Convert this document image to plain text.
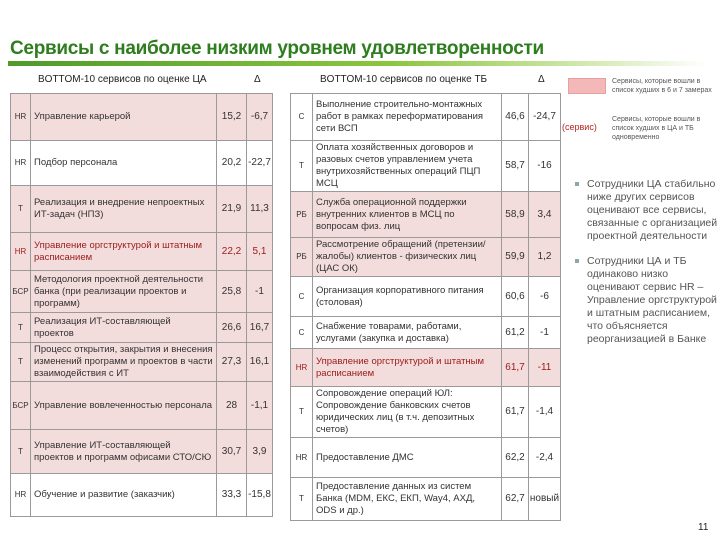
Сервисы с наиболее низким уровнем удовлетворенности
BOTTOM-10 сервисов по оценке ЦА	Δ	BOTTOM-10 сервисов по оценке ТБ	Δ
HR	Управление карьерой	15,2	-6,7
HR	Подбор персонала	20,2	-22,7
T	Реализация и внедрение непроектных ИТ-задач (НПЗ)	21,9	11,3
HR	Управление оргструктурой и штатным расписанием	22,2	5,1
БСР	Методология проектной деятельности банка (при реализации проектов и программ)	25,8	-1
T	Реализация ИТ-составляющей проектов	26,6	16,7
T	Процесс открытия, закрытия и внесения изменений программ и проектов в части взаимодействия с ИТ	27,3	16,1
БСР	Управление вовлеченностью персонала	28	-1,1
T	Управление ИТ-составляющей проектов и программ офисами СТО/СЮ	30,7	3,9
HR	Обучение и развитие (заказчик)	33,3	-15,8
C	Выполнение строительно-монтажных работ в рамках переформатирования сети ВСП	46,6	-24,7
T	Оплата хозяйственных договоров и разовых счетов управлением учета внутрихозяйственных операций ПЦП МСЦ	58,7	-16
РБ	Служба операционной поддержки внутренних клиентов в МСЦ по вопросам физ. лиц	58,9	3,4
РБ	Рассмотрение обращений (претензии/жалобы) клиентов - физических лиц (ЦАС ОК)	59,9	1,2
C	Организация корпоративного питания (столовая)	60,6	-6
C	Снабжение товарами, работами, услугами (закупка и доставка)	61,2	-1
HR	Управление оргструктурой и штатным расписанием	61,7	-11
T	Сопровождение операций ЮЛ: Сопровождение банковских счетов юридических лиц (в т.ч. депозитных счетов)	61,7	-1,4
HR	Предоставление ДМС	62,2	-2,4
T	Предоставление данных из систем Банка (MDM, ЕКС, ЕКП, Way4, АХД, ODS и др.)	62,7	новый
Сервисы, которые вошли в список худших в 6 и 7 замерах
(сервис)
Сервисы, которые вошли в список худших в ЦА и ТБ одновременно
Сотрудники ЦА стабильно ниже других сервисов оценивают все сервисы, связанные с организацией проектной деятельности
Сотрудники ЦА и ТБ одинаково низко оценивают сервис HR – Управление оргструктурой и штатным расписанием, что объясняется реорганизацией в Банке
11
